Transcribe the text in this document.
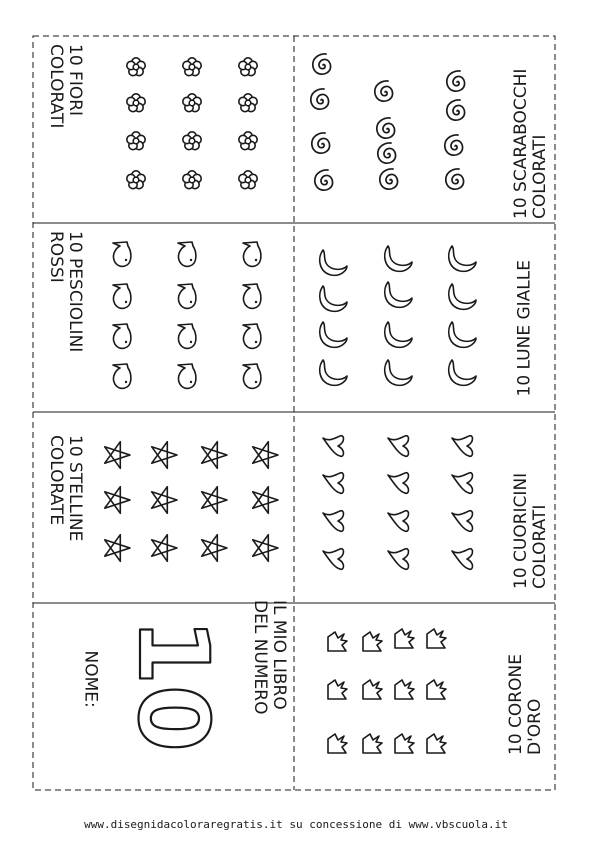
10
10 FIORI
COLORATI	10 SCARABOCCHI
COLORATI
10 PESCIOLINI
ROSSI
10 LUNE GIALLE
10 STELLINE
COLORATE	10 CUORICINI
COLORATI
IL MIO LIBRO
DEL NUMERO
NOME:	10 CORONE
D'ORO
www.disegnidacoloraregratis.it su concessione di www.vbscuola.it
